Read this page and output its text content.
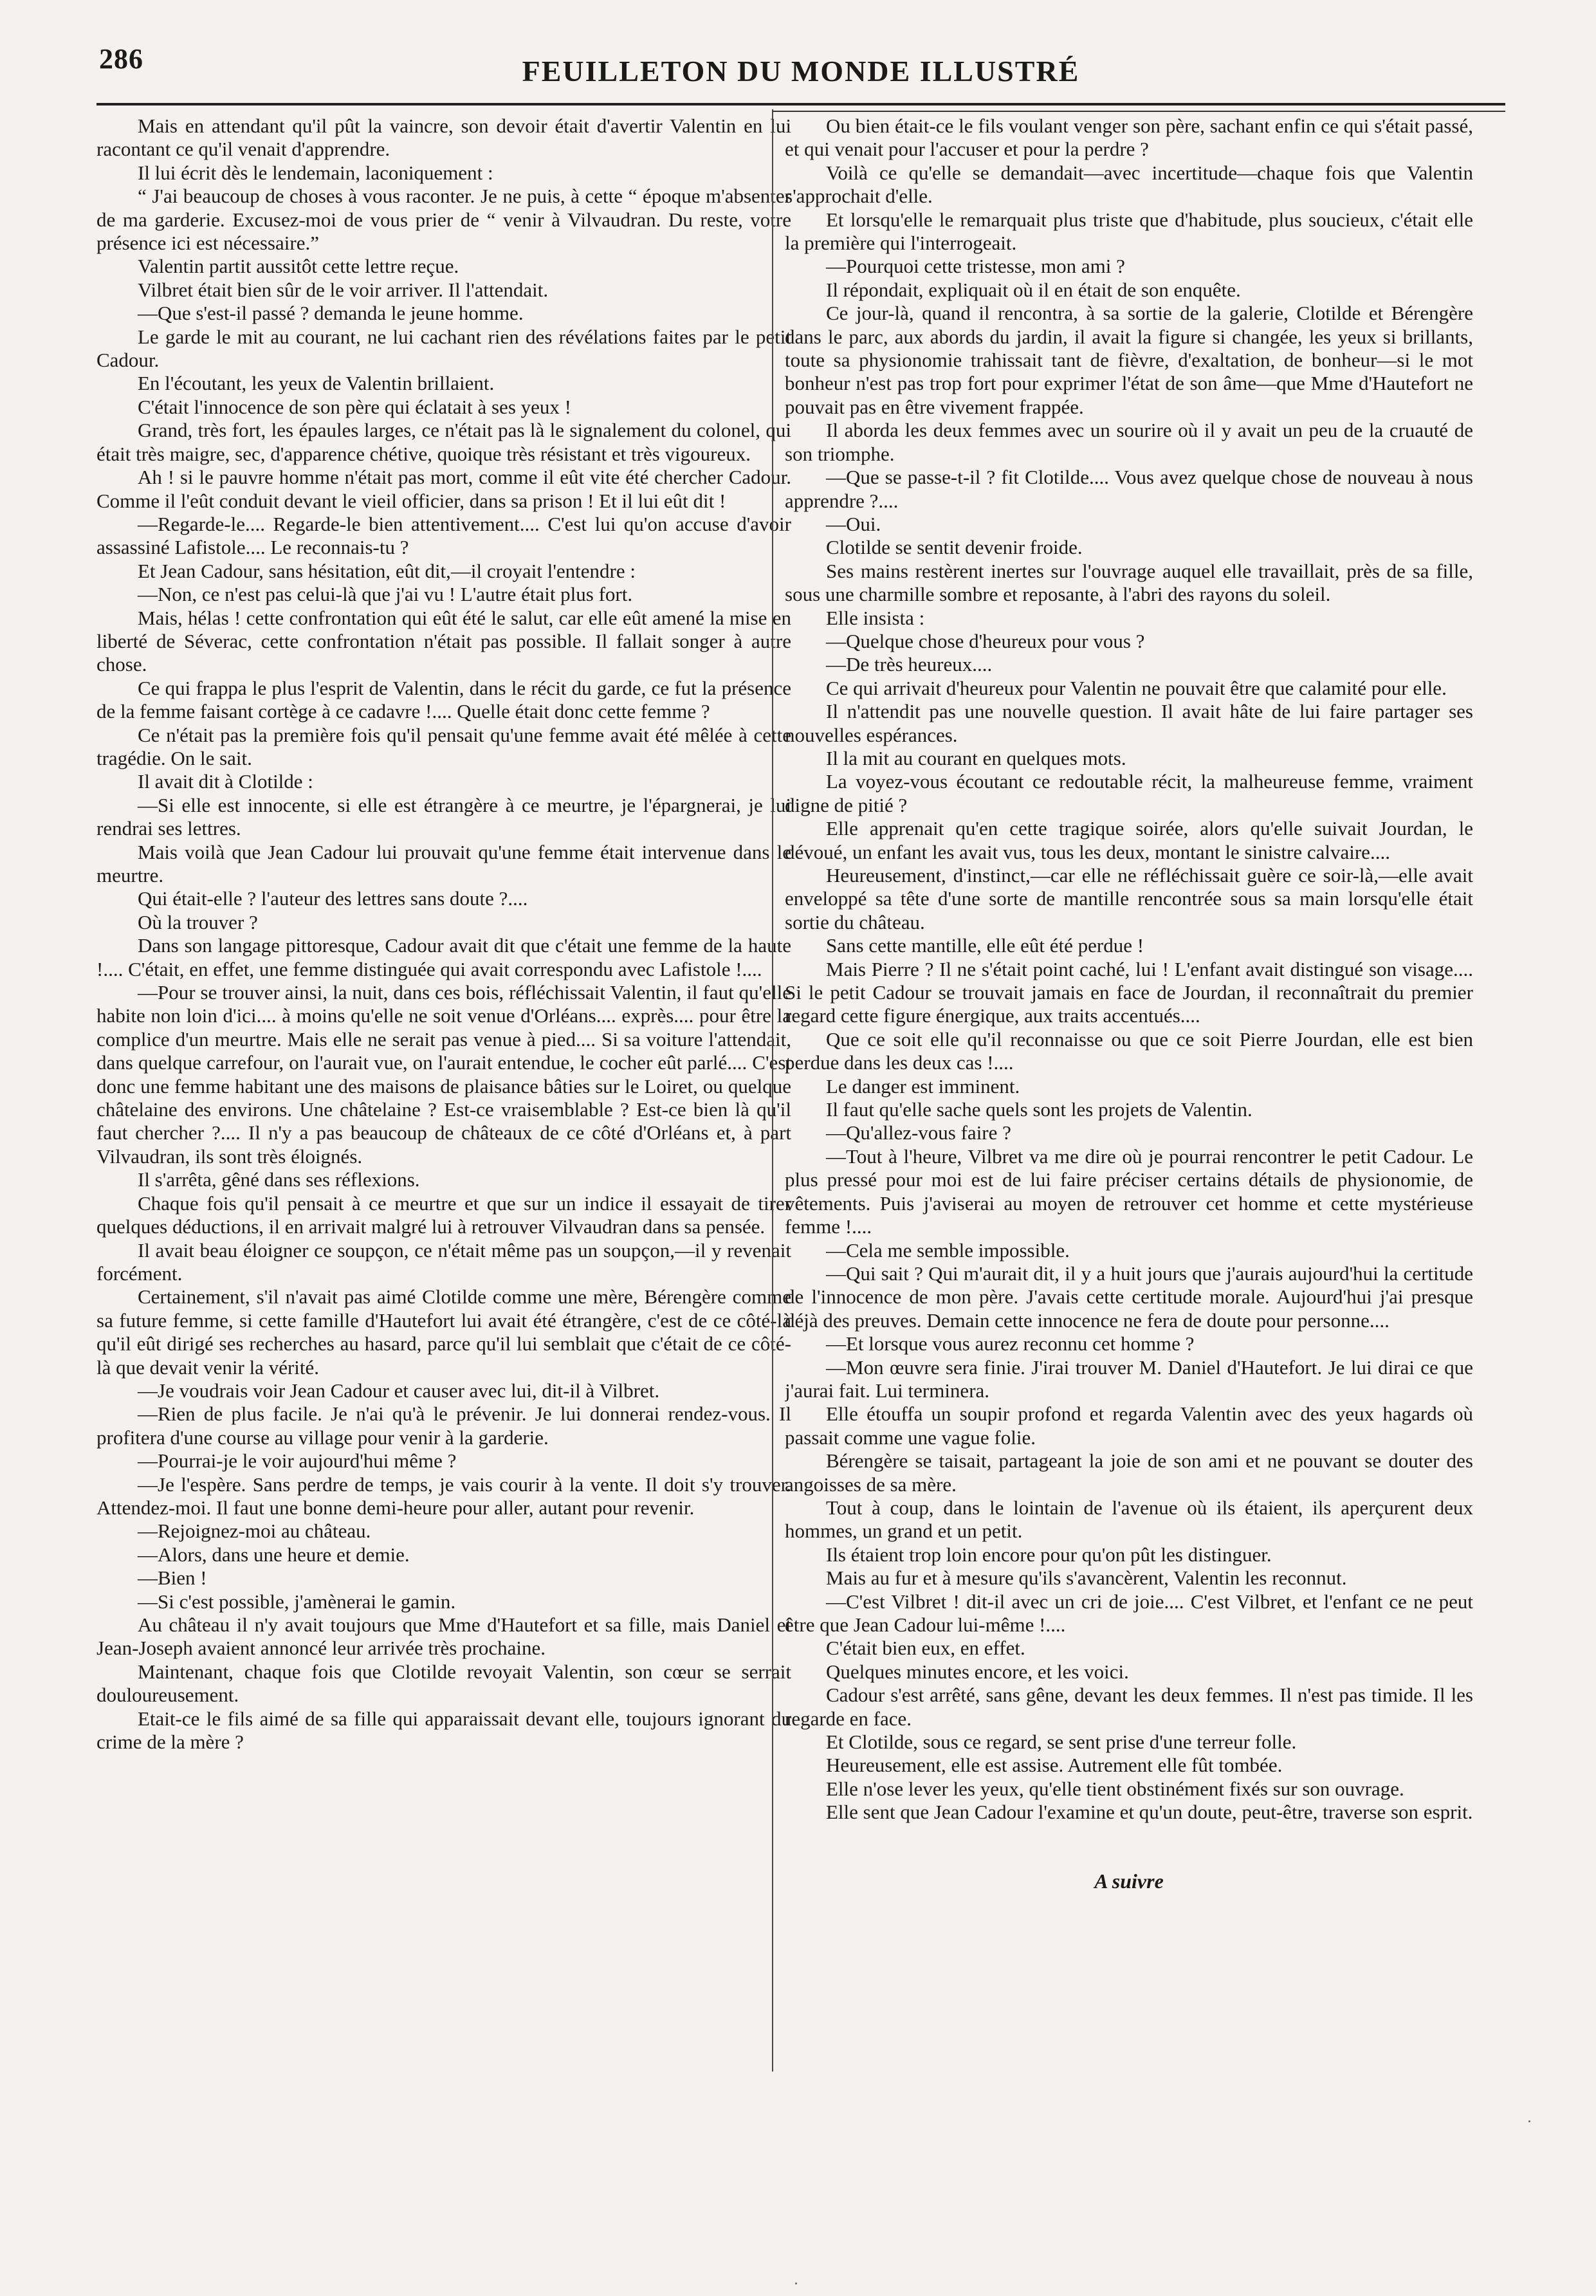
286	FEUILLETON DU MONDE ILLUSTRÉ

Mais en attendant qu'il pût la vaincre, son devoir était d'avertir Valentin en lui racontant ce qu'il venait d'apprendre.

Il lui écrit dès le lendemain, laconiquement :

“ J'ai beaucoup de choses à vous raconter. Je ne puis, à cette “ époque m'absenter de ma garderie. Excusez-moi de vous prier de “ venir à Vilvaudran. Du reste, votre présence ici est nécessaire.”

Valentin partit aussitôt cette lettre reçue.

Vilbret était bien sûr de le voir arriver. Il l'attendait.

—Que s'est-il passé ? demanda le jeune homme.

Le garde le mit au courant, ne lui cachant rien des révélations faites par le petit Cadour.

En l'écoutant, les yeux de Valentin brillaient.

C'était l'innocence de son père qui éclatait à ses yeux !

Grand, très fort, les épaules larges, ce n'était pas là le signalement du colonel, qui était très maigre, sec, d'apparence chétive, quoique très résistant et très vigoureux.

Ah ! si le pauvre homme n'était pas mort, comme il eût vite été chercher Cadour. Comme il l'eût conduit devant le vieil officier, dans sa prison ! Et il lui eût dit !

—Regarde-le.... Regarde-le bien attentivement.... C'est lui qu'on accuse d'avoir assassiné Lafistole.... Le reconnais-tu ?

Et Jean Cadour, sans hésitation, eût dit,—il croyait l'entendre :

—Non, ce n'est pas celui-là que j'ai vu ! L'autre était plus fort.

Mais, hélas ! cette confrontation qui eût été le salut, car elle eût amené la mise en liberté de Séverac, cette confrontation n'était pas possible. Il fallait songer à autre chose.

Ce qui frappa le plus l'esprit de Valentin, dans le récit du garde, ce fut la présence de la femme faisant cortège à ce cadavre !.... Quelle était donc cette femme ?

Ce n'était pas la première fois qu'il pensait qu'une femme avait été mêlée à cette tragédie. On le sait.

Il avait dit à Clotilde :

—Si elle est innocente, si elle est étrangère à ce meurtre, je l'épargnerai, je lui rendrai ses lettres.

Mais voilà que Jean Cadour lui prouvait qu'une femme était intervenue dans le meurtre.

Qui était-elle ? l'auteur des lettres sans doute ?....

Où la trouver ?

Dans son langage pittoresque, Cadour avait dit que c'était une femme de la haute !.... C'était, en effet, une femme distinguée qui avait correspondu avec Lafistole !....

—Pour se trouver ainsi, la nuit, dans ces bois, réfléchissait Valentin, il faut qu'elle habite non loin d'ici.... à moins qu'elle ne soit venue d'Orléans.... exprès.... pour être la complice d'un meurtre. Mais elle ne serait pas venue à pied.... Si sa voiture l'attendait, dans quelque carrefour, on l'aurait vue, on l'aurait entendue, le cocher eût parlé.... C'est donc une femme habitant une des maisons de plaisance bâties sur le Loiret, ou quelque châtelaine des environs. Une châtelaine ? Est-ce vraisemblable ? Est-ce bien là qu'il faut chercher ?.... Il n'y a pas beaucoup de châteaux de ce côté d'Orléans et, à part Vilvaudran, ils sont très éloignés.

Il s'arrêta, gêné dans ses réflexions.

Chaque fois qu'il pensait à ce meurtre et que sur un indice il essayait de tirer quelques déductions, il en arrivait malgré lui à retrouver Vilvaudran dans sa pensée.

Il avait beau éloigner ce soupçon, ce n'était même pas un soupçon,—il y revenait forcément.

Certainement, s'il n'avait pas aimé Clotilde comme une mère, Bérengère comme sa future femme, si cette famille d'Hautefort lui avait été étrangère, c'est de ce côté-là qu'il eût dirigé ses recherches au hasard, parce qu'il lui semblait que c'était de ce côté-là que devait venir la vérité.

—Je voudrais voir Jean Cadour et causer avec lui, dit-il à Vilbret.

—Rien de plus facile. Je n'ai qu'à le prévenir. Je lui donnerai rendez-vous. Il profitera d'une course au village pour venir à la garderie.

—Pourrai-je le voir aujourd'hui même ?

—Je l'espère. Sans perdre de temps, je vais courir à la vente. Il doit s'y trouver. Attendez-moi. Il faut une bonne demi-heure pour aller, autant pour revenir.

—Rejoignez-moi au château.

—Alors, dans une heure et demie.

—Bien !

—Si c'est possible, j'amènerai le gamin.

Au château il n'y avait toujours que Mme d'Hautefort et sa fille, mais Daniel et Jean-Joseph avaient annoncé leur arrivée très prochaine.

Maintenant, chaque fois que Clotilde revoyait Valentin, son cœur se serrait douloureusement.

Etait-ce le fils aimé de sa fille qui apparaissait devant elle, toujours ignorant du crime de la mère ?

Ou bien était-ce le fils voulant venger son père, sachant enfin ce qui s'était passé, et qui venait pour l'accuser et pour la perdre ?

Voilà ce qu'elle se demandait—avec incertitude—chaque fois que Valentin s'approchait d'elle.

Et lorsqu'elle le remarquait plus triste que d'habitude, plus soucieux, c'était elle la première qui l'interrogeait.

—Pourquoi cette tristesse, mon ami ?

Il répondait, expliquait où il en était de son enquête.

Ce jour-là, quand il rencontra, à sa sortie de la galerie, Clotilde et Bérengère dans le parc, aux abords du jardin, il avait la figure si changée, les yeux si brillants, toute sa physionomie trahissait tant de fièvre, d'exaltation, de bonheur—si le mot bonheur n'est pas trop fort pour exprimer l'état de son âme—que Mme d'Hautefort ne pouvait pas en être vivement frappée.

Il aborda les deux femmes avec un sourire où il y avait un peu de la cruauté de son triomphe.

—Que se passe-t-il ? fit Clotilde.... Vous avez quelque chose de nouveau à nous apprendre ?....

—Oui.

Clotilde se sentit devenir froide.

Ses mains restèrent inertes sur l'ouvrage auquel elle travaillait, près de sa fille, sous une charmille sombre et reposante, à l'abri des rayons du soleil.

Elle insista :

—Quelque chose d'heureux pour vous ?

—De très heureux....

Ce qui arrivait d'heureux pour Valentin ne pouvait être que calamité pour elle.

Il n'attendit pas une nouvelle question. Il avait hâte de lui faire partager ses nouvelles espérances.

Il la mit au courant en quelques mots.

La voyez-vous écoutant ce redoutable récit, la malheureuse femme, vraiment digne de pitié ?

Elle apprenait qu'en cette tragique soirée, alors qu'elle suivait Jourdan, le dévoué, un enfant les avait vus, tous les deux, montant le sinistre calvaire....

Heureusement, d'instinct,—car elle ne réfléchissait guère ce soir-là,—elle avait enveloppé sa tête d'une sorte de mantille rencontrée sous sa main lorsqu'elle était sortie du château.

Sans cette mantille, elle eût été perdue !

Mais Pierre ? Il ne s'était point caché, lui ! L'enfant avait distingué son visage.... Si le petit Cadour se trouvait jamais en face de Jourdan, il reconnaîtrait du premier regard cette figure énergique, aux traits accentués....

Que ce soit elle qu'il reconnaisse ou que ce soit Pierre Jourdan, elle est bien perdue dans les deux cas !....

Le danger est imminent.

Il faut qu'elle sache quels sont les projets de Valentin.

—Qu'allez-vous faire ?

—Tout à l'heure, Vilbret va me dire où je pourrai rencontrer le petit Cadour. Le plus pressé pour moi est de lui faire préciser certains détails de physionomie, de vêtements. Puis j'aviserai au moyen de retrouver cet homme et cette mystérieuse femme !....

—Cela me semble impossible.

—Qui sait ? Qui m'aurait dit, il y a huit jours que j'aurais aujourd'hui la certitude de l'innocence de mon père. J'avais cette certitude morale. Aujourd'hui j'ai presque déjà des preuves. Demain cette innocence ne fera de doute pour personne....

—Et lorsque vous aurez reconnu cet homme ?

—Mon œuvre sera finie. J'irai trouver M. Daniel d'Hautefort. Je lui dirai ce que j'aurai fait. Lui terminera.

Elle étouffa un soupir profond et regarda Valentin avec des yeux hagards où passait comme une vague folie.

Bérengère se taisait, partageant la joie de son ami et ne pouvant se douter des angoisses de sa mère.

Tout à coup, dans le lointain de l'avenue où ils étaient, ils aperçurent deux hommes, un grand et un petit.

Ils étaient trop loin encore pour qu'on pût les distinguer.

Mais au fur et à mesure qu'ils s'avancèrent, Valentin les reconnut.

—C'est Vilbret ! dit-il avec un cri de joie.... C'est Vilbret, et l'enfant ce ne peut être que Jean Cadour lui-même !....

C'était bien eux, en effet.

Quelques minutes encore, et les voici.

Cadour s'est arrêté, sans gêne, devant les deux femmes. Il n'est pas timide. Il les regarde en face.

Et Clotilde, sous ce regard, se sent prise d'une terreur folle.

Heureusement, elle est assise. Autrement elle fût tombée.

Elle n'ose lever les yeux, qu'elle tient obstinément fixés sur son ouvrage.

Elle sent que Jean Cadour l'examine et qu'un doute, peut-être, traverse son esprit.

A suivre
